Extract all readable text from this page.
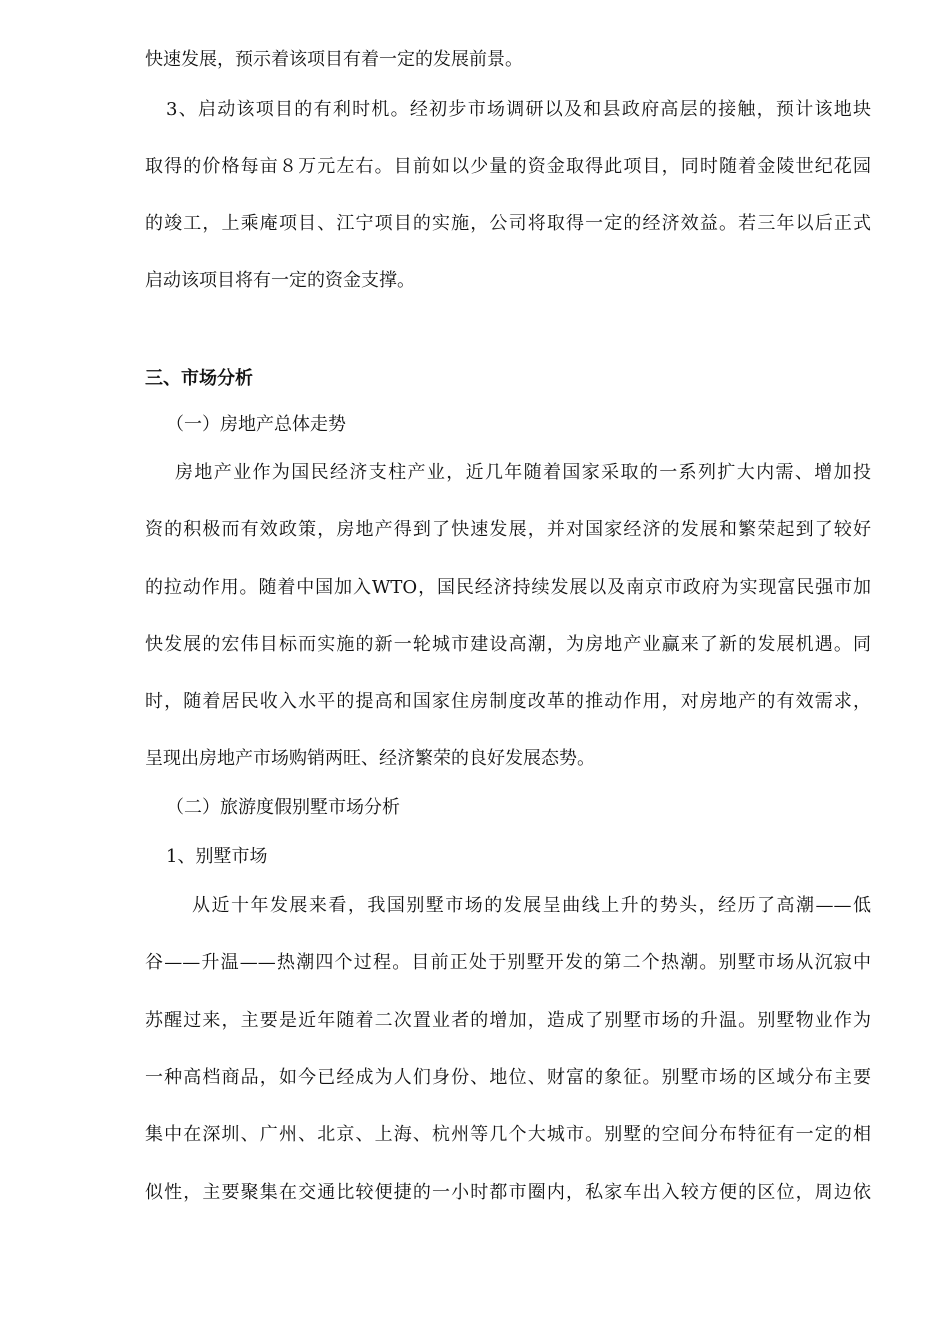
快速发展，预示着该项目有着一定的发展前景。
3、启动该项目的有利时机。经初步市场调研以及和县政府高层的接触，预计该地块
取得的价格每亩８万元左右。目前如以少量的资金取得此项目，同时随着金陵世纪花园
的竣工，上乘庵项目、江宁项目的实施，公司将取得一定的经济效益。若三年以后正式
启动该项目将有一定的资金支撑。
三、市场分析
（一）房地产总体走势
房地产业作为国民经济支柱产业，近几年随着国家采取的一系列扩大内需、增加投
资的积极而有效政策，房地产得到了快速发展，并对国家经济的发展和繁荣起到了较好
的拉动作用。随着中国加入WTO，国民经济持续发展以及南京市政府为实现富民强市加
快发展的宏伟目标而实施的新一轮城市建设高潮，为房地产业赢来了新的发展机遇。同
时，随着居民收入水平的提高和国家住房制度改革的推动作用，对房地产的有效需求，
呈现出房地产市场购销两旺、经济繁荣的良好发展态势。
（二）旅游度假别墅市场分析
1、别墅市场
从近十年发展来看，我国别墅市场的发展呈曲线上升的势头，经历了高潮——低
谷——升温——热潮四个过程。目前正处于别墅开发的第二个热潮。别墅市场从沉寂中
苏醒过来，主要是近年随着二次置业者的增加，造成了别墅市场的升温。别墅物业作为
一种高档商品，如今已经成为人们身份、地位、财富的象征。别墅市场的区域分布主要
集中在深圳、广州、北京、上海、杭州等几个大城市。别墅的空间分布特征有一定的相
似性，主要聚集在交通比较便捷的一小时都市圈内，私家车出入较方便的区位，周边依
